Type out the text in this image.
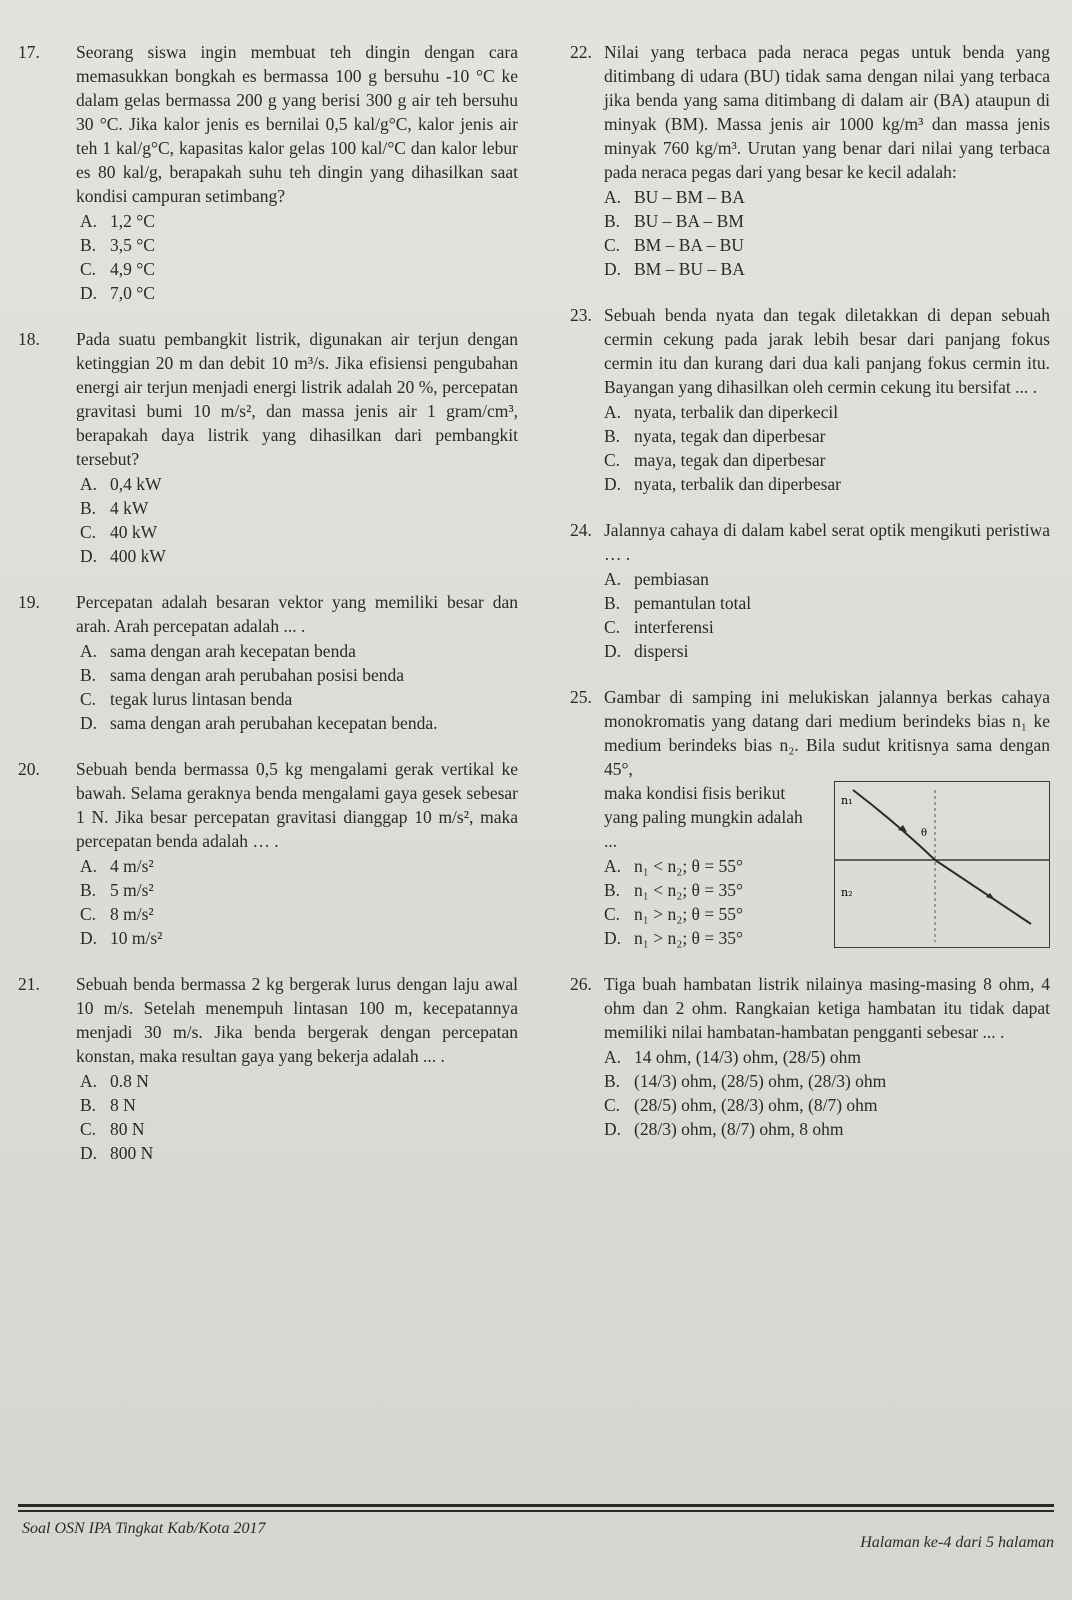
17. Seorang siswa ingin membuat teh dingin dengan cara memasukkan bongkah es bermassa 100 g bersuhu -10 °C ke dalam gelas bermassa 200 g yang berisi 300 g air teh bersuhu 30 °C. Jika kalor jenis es bernilai 0,5 kal/g°C, kalor jenis air teh 1 kal/g°C, kapasitas kalor gelas 100 kal/°C dan kalor lebur es 80 kal/g, berapakah suhu teh dingin yang dihasilkan saat kondisi campuran setimbang?
A. 1,2 °C
B. 3,5 °C
C. 4,9 °C
D. 7,0 °C
18. Pada suatu pembangkit listrik, digunakan air terjun dengan ketinggian 20 m dan debit 10 m³/s. Jika efisiensi pengubahan energi air terjun menjadi energi listrik adalah 20 %, percepatan gravitasi bumi 10 m/s², dan massa jenis air 1 gram/cm³, berapakah daya listrik yang dihasilkan dari pembangkit tersebut?
A. 0,4 kW
B. 4 kW
C. 40 kW
D. 400 kW
19. Percepatan adalah besaran vektor yang memiliki besar dan arah. Arah percepatan adalah ... .
A. sama dengan arah kecepatan benda
B. sama dengan arah perubahan posisi benda
C. tegak lurus lintasan benda
D. sama dengan arah perubahan kecepatan benda.
20. Sebuah benda bermassa 0,5 kg mengalami gerak vertikal ke bawah. Selama geraknya benda mengalami gaya gesek sebesar 1 N. Jika besar percepatan gravitasi dianggap 10 m/s², maka percepatan benda adalah … .
A. 4 m/s²
B. 5 m/s²
C. 8 m/s²
D. 10 m/s²
21. Sebuah benda bermassa 2 kg bergerak lurus dengan laju awal 10 m/s. Setelah menempuh lintasan 100 m, kecepatannya menjadi 30 m/s. Jika benda bergerak dengan percepatan konstan, maka resultan gaya yang bekerja adalah ... .
A. 0.8 N
B. 8 N
C. 80 N
D. 800 N
22. Nilai yang terbaca pada neraca pegas untuk benda yang ditimbang di udara (BU) tidak sama dengan nilai yang terbaca jika benda yang sama ditimbang di dalam air (BA) ataupun di minyak (BM). Massa jenis air 1000 kg/m³ dan massa jenis minyak 760 kg/m³. Urutan yang benar dari nilai yang terbaca pada neraca pegas dari yang besar ke kecil adalah:
A. BU – BM – BA
B. BU – BA – BM
C. BM – BA – BU
D. BM – BU – BA
23. Sebuah benda nyata dan tegak diletakkan di depan sebuah cermin cekung pada jarak lebih besar dari panjang fokus cermin itu dan kurang dari dua kali panjang fokus cermin itu. Bayangan yang dihasilkan oleh cermin cekung itu bersifat ... .
A. nyata, terbalik dan diperkecil
B. nyata, tegak dan diperbesar
C. maya, tegak dan diperbesar
D. nyata, terbalik dan diperbesar
24. Jalannya cahaya di dalam kabel serat optik mengikuti peristiwa … .
A. pembiasan
B. pemantulan total
C. interferensi
D. dispersi
25. Gambar di samping ini melukiskan jalannya berkas cahaya monokromatis yang datang dari medium berindeks bias n₁ ke medium berindeks bias n₂. Bila sudut kritisnya sama dengan 45°,
maka kondisi fisis berikut yang paling mungkin adalah ...
A. n₁ < n₂; θ = 55°
B. n₁ < n₂; θ = 35°
C. n₁ > n₂; θ = 55°
D. n₁ > n₂; θ = 35°
n₁
θ
n₂
26. Tiga buah hambatan listrik nilainya masing-masing 8 ohm, 4 ohm dan 2 ohm. Rangkaian ketiga hambatan itu tidak dapat memiliki nilai hambatan-hambatan pengganti sebesar ... .
A. 14 ohm, (14/3) ohm, (28/5) ohm
B. (14/3) ohm, (28/5) ohm, (28/3) ohm
C. (28/5) ohm, (28/3) ohm, (8/7) ohm
D. (28/3) ohm, (8/7) ohm, 8 ohm
Soal OSN IPA Tingkat Kab/Kota 2017
Halaman ke-4 dari 5 halaman
